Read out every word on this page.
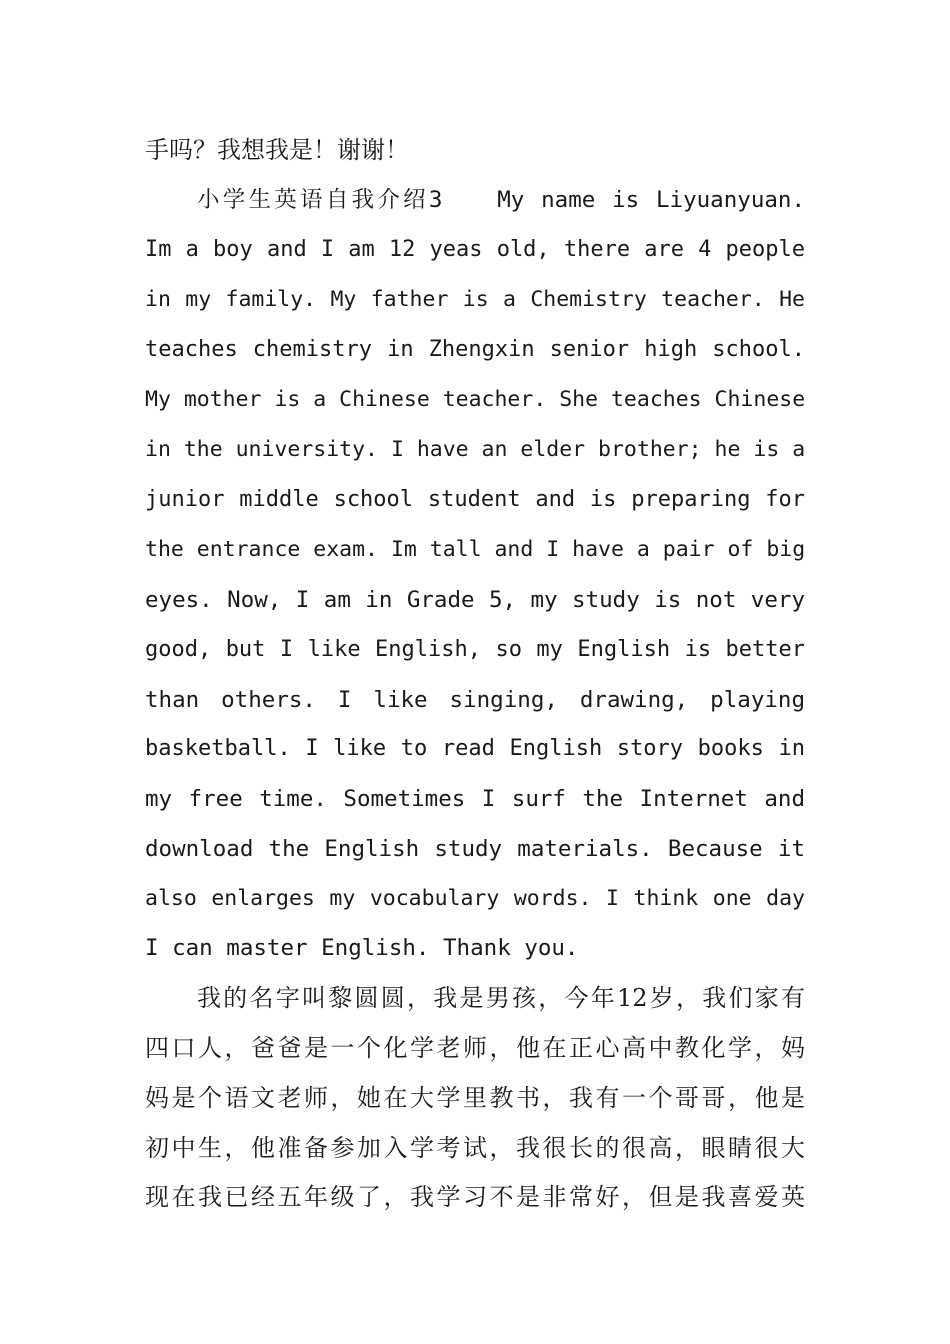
手吗？我想我是！谢谢！
小学生英语自我介绍3　　My name is Liyuanyuan.
Im a boy and I am 12 yeas old, there are 4 people
in my family. My father is a Chemistry teacher. He
teaches chemistry in Zhengxin senior high school.
My mother is a Chinese teacher. She teaches Chinese
in the university. I have an elder brother; he is a
junior middle school student and is preparing for
the entrance exam. Im tall and I have a pair of big
eyes. Now, I am in Grade 5, my study is not very
good, but I like English, so my English is better
than others. I like singing, drawing, playing
basketball. I like to read English story books in
my free time. Sometimes I surf the Internet and
download the English study materials. Because it
also enlarges my vocabulary words. I think one day
I can master English. Thank you.
我的名字叫黎圆圆，我是男孩，今年12岁，我们家有
四口人，爸爸是一个化学老师，他在正心高中教化学，妈
妈是个语文老师，她在大学里教书，我有一个哥哥，他是
初中生，他准备参加入学考试，我很长的很高，眼睛很大
现在我已经五年级了，我学习不是非常好，但是我喜爱英
